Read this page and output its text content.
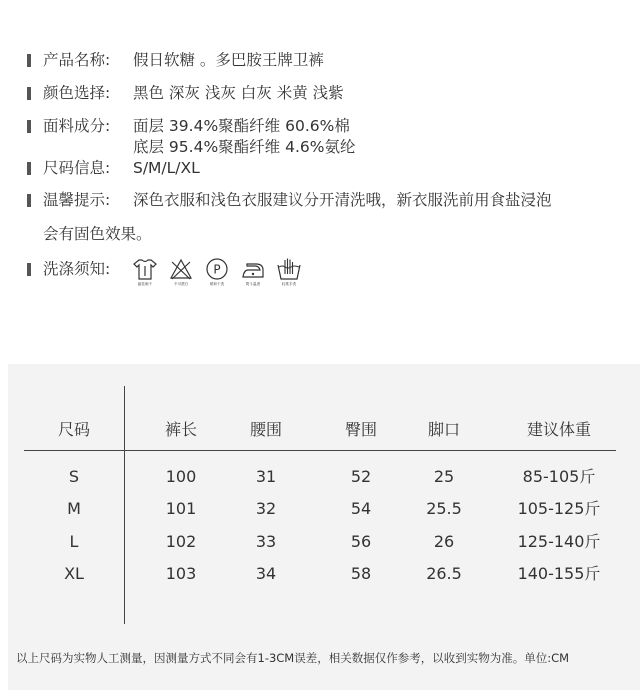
产品名称: 假日软糖 。多巴胺王牌卫裤
颜色选择: 黑色 深灰 浅灰 白灰 米黄 浅紫
面料成分: 面层 39.4%聚酯纤维 60.6%棉
底层 95.4%聚酯纤维 4.6%氨纶
尺码信息: S/M/L/XL
温馨提示: 深色衣服和浅色衣服建议分开清洗哦，新衣服洗前用食盐浸泡
会有固色效果。
洗涤须知:
悬挂晾干	不可漂白
P
缓和干洗	熨斗温度	轻柔手洗
尺码	裤长	腰围	臀围	脚口	建议体重
S	100	31	52	25	85-105斤
M	101	32	54	25.5	105-125斤
L	102	33	56	26	125-140斤
XL	103	34	58	26.5	140-155斤
以上尺码为实物人工测量，因测量方式不同会有1-3CM误差，相关数据仅作参考，以收到实物为准。单位:CM
